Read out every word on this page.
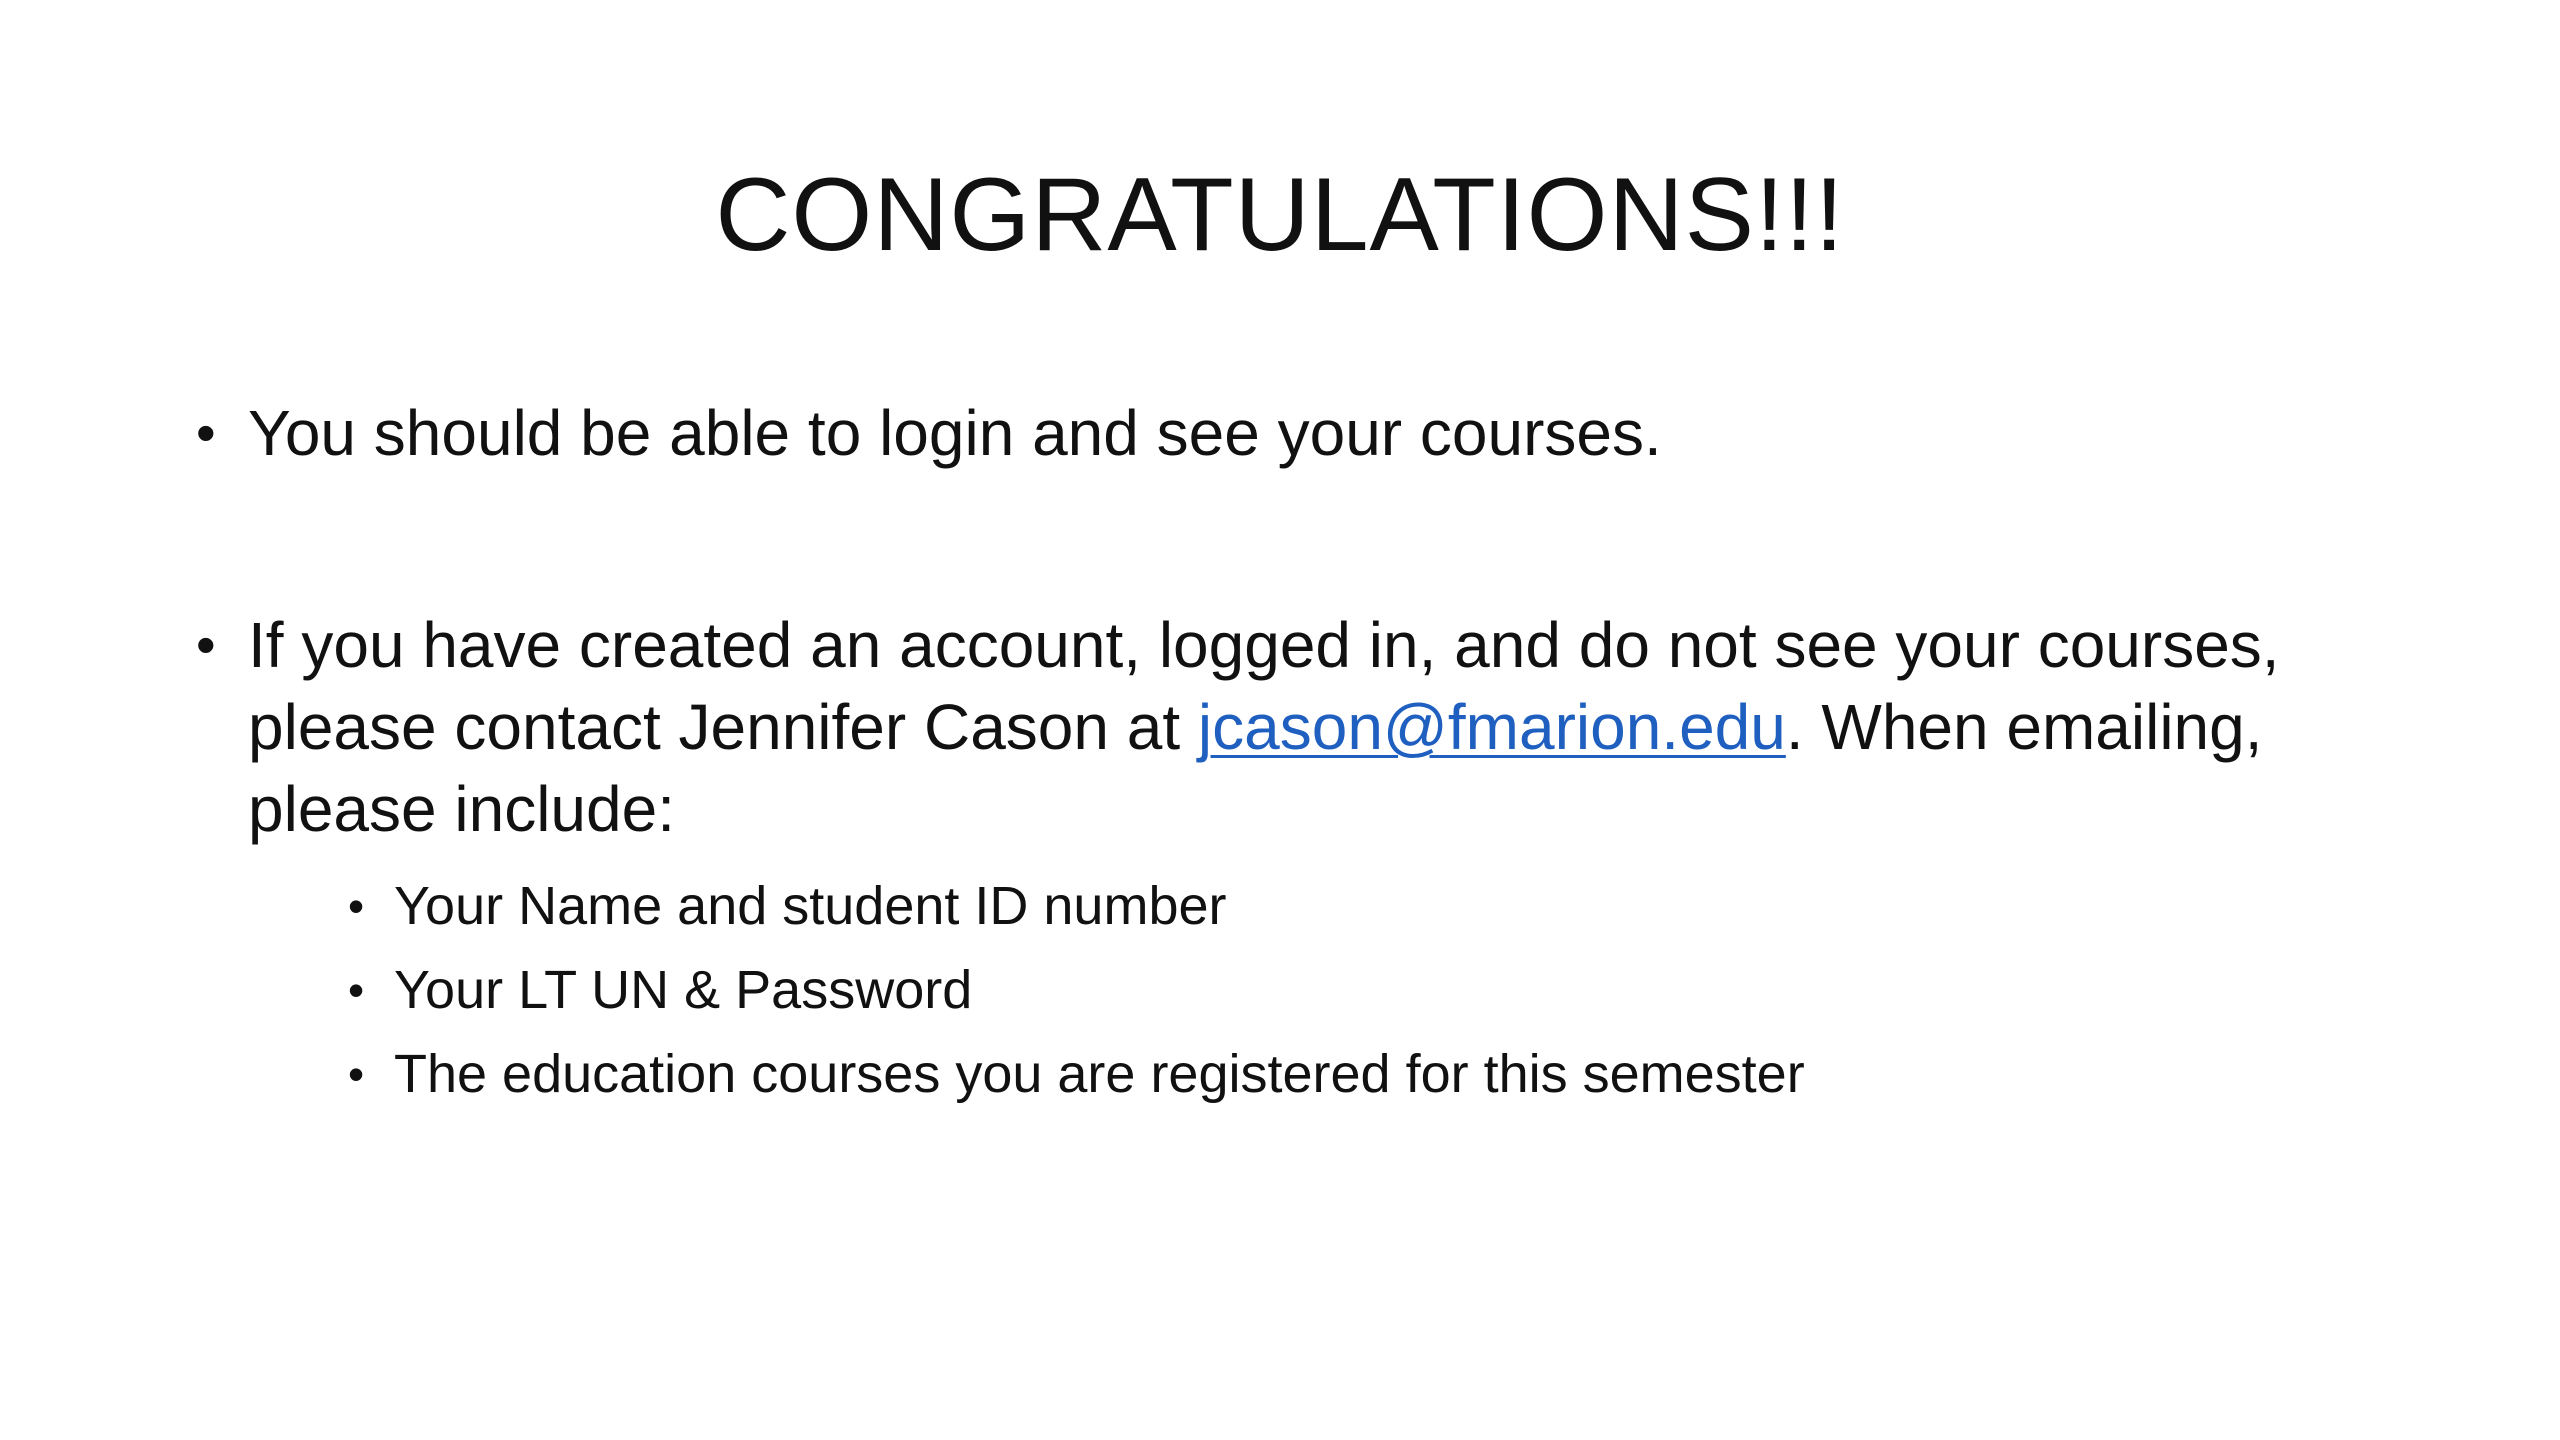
CONGRATULATIONS!!!
• You should be able to login and see your courses.
• If you have created an account, logged in, and do not see your courses, please contact Jennifer Cason at jcason@fmarion.edu. When emailing, please include:
• Your Name and student ID number
• Your LT UN & Password
• The education courses you are registered for this semester
